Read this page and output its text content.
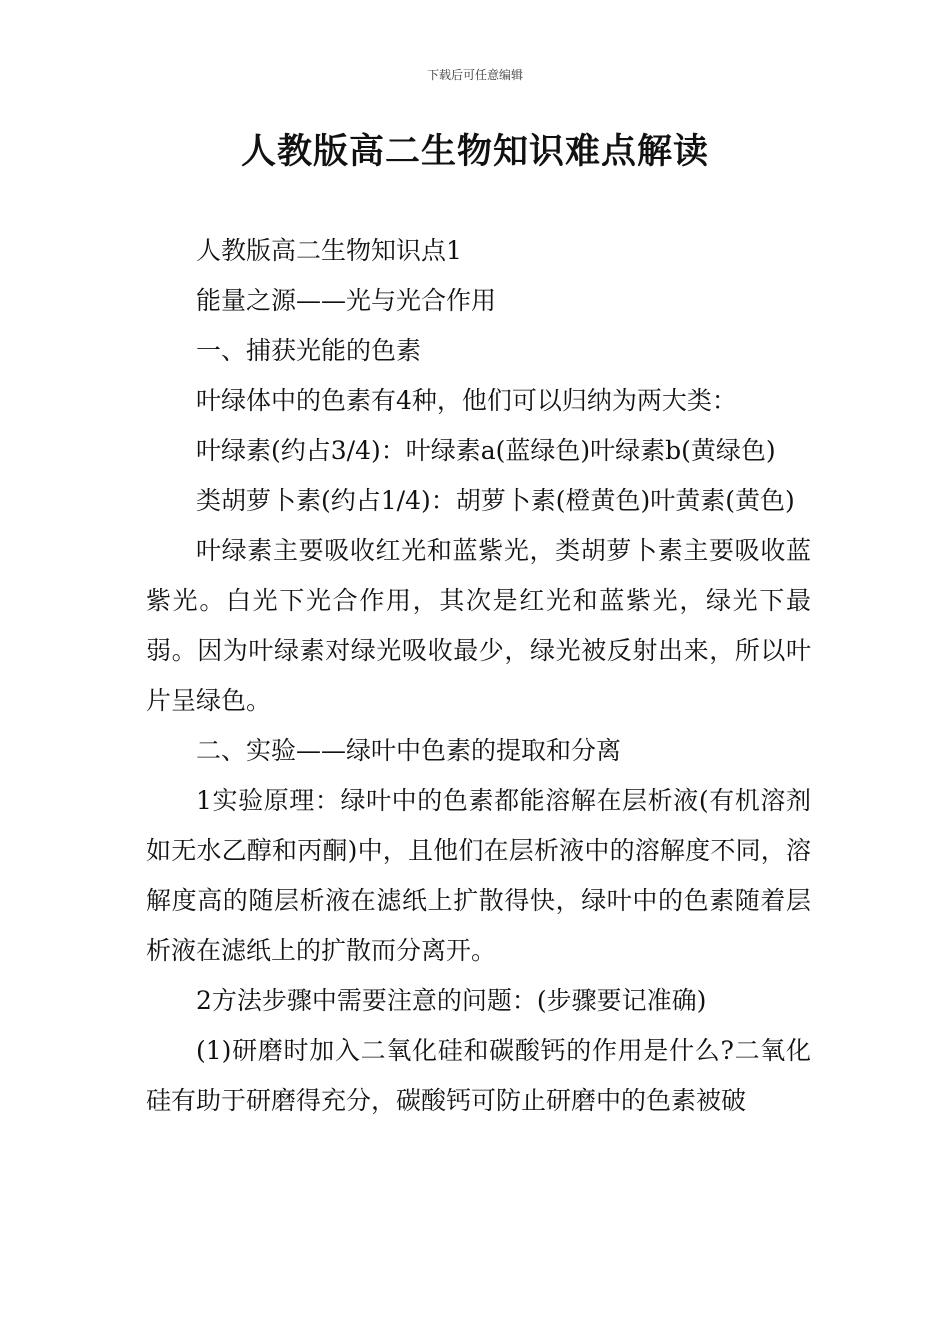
下载后可任意编辑
人教版高二生物知识难点解读

人教版高二生物知识点1

能量之源——光与光合作用

一、捕获光能的色素

叶绿体中的色素有4种，他们可以归纳为两大类：

叶绿素(约占3/4)：叶绿素a(蓝绿色)叶绿素b(黄绿色)

类胡萝卜素(约占1/4)：胡萝卜素(橙黄色)叶黄素(黄色)

叶绿素主要吸收红光和蓝紫光，类胡萝卜素主要吸收蓝紫光。白光下光合作用，其次是红光和蓝紫光，绿光下最弱。因为叶绿素对绿光吸收最少，绿光被反射出来，所以叶片呈绿色。

二、实验——绿叶中色素的提取和分离

1实验原理：绿叶中的色素都能溶解在层析液(有机溶剂如无水乙醇和丙酮)中，且他们在层析液中的溶解度不同，溶解度高的随层析液在滤纸上扩散得快，绿叶中的色素随着层析液在滤纸上的扩散而分离开。

2方法步骤中需要注意的问题：(步骤要记准确)

(1)研磨时加入二氧化硅和碳酸钙的作用是什么?二氧化硅有助于研磨得充分，碳酸钙可防止研磨中的色素被破
